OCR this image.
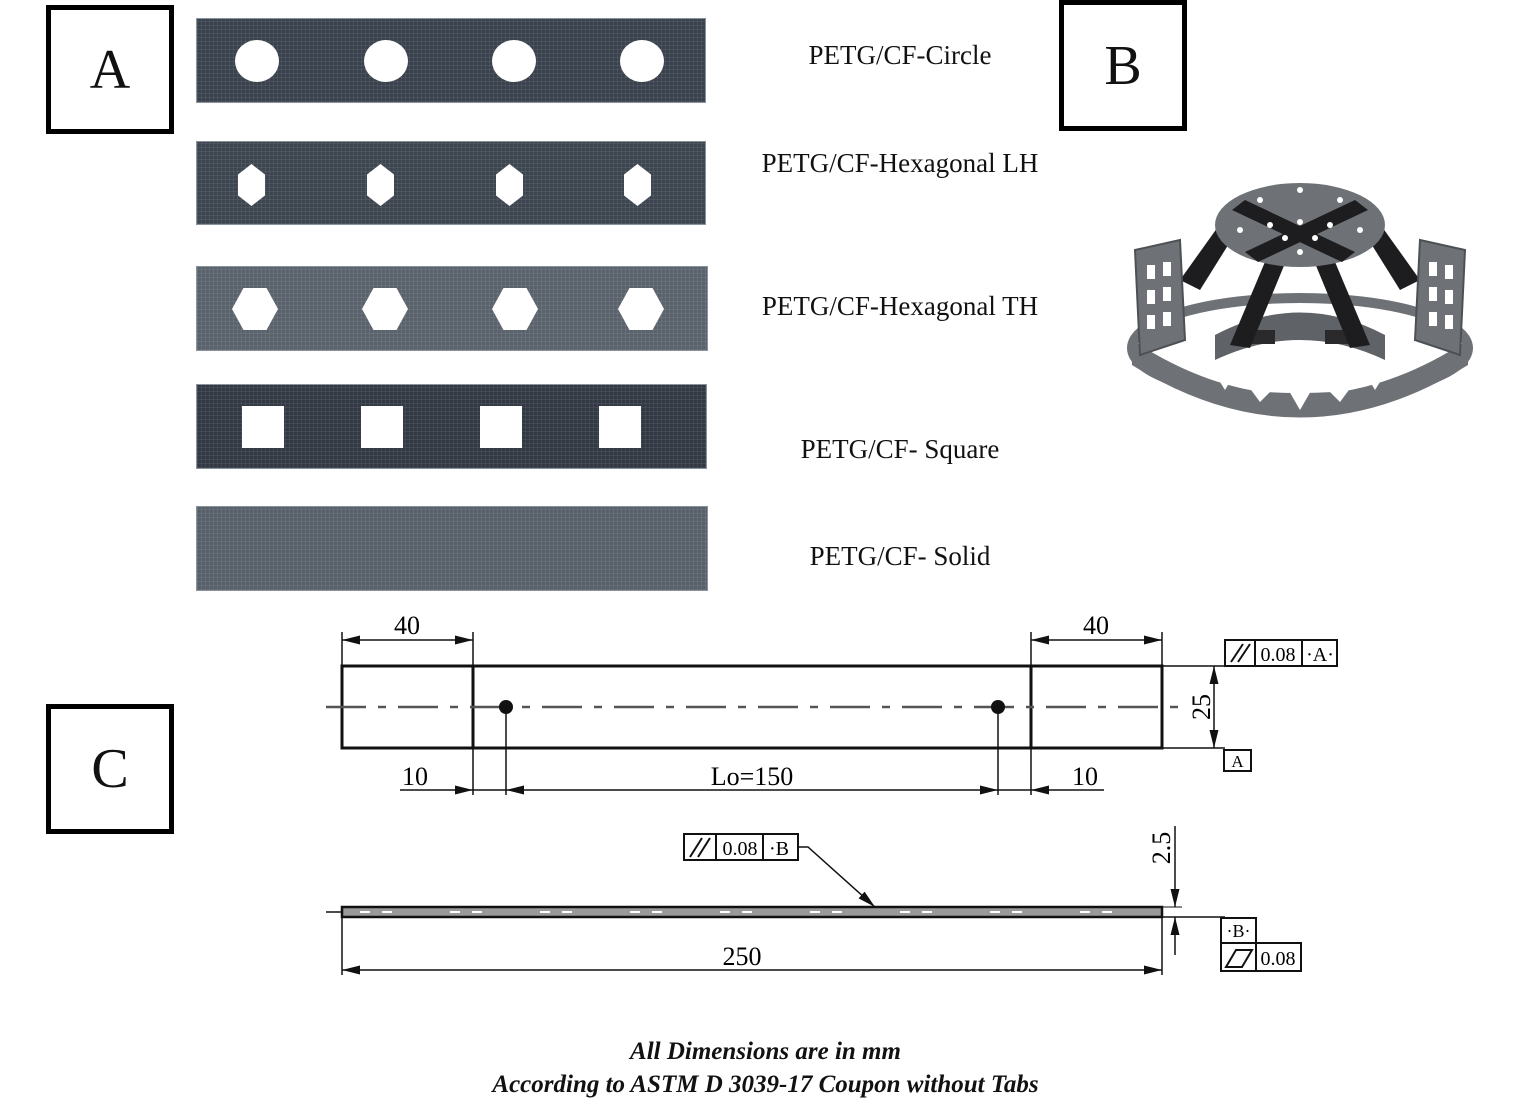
A	B
C
PETG/CF-Circle
PETG/CF-Hexagonal LH
PETG/CF-Hexagonal TH
PETG/CF- Square
PETG/CF- Solid
40	40
25
10	Lo=150	10
0.08 ·A·
A
250
2.5
0.08 ·B
·B·
0.08
All Dimensions are in mm
According to ASTM D 3039-17 Coupon without Tabs
